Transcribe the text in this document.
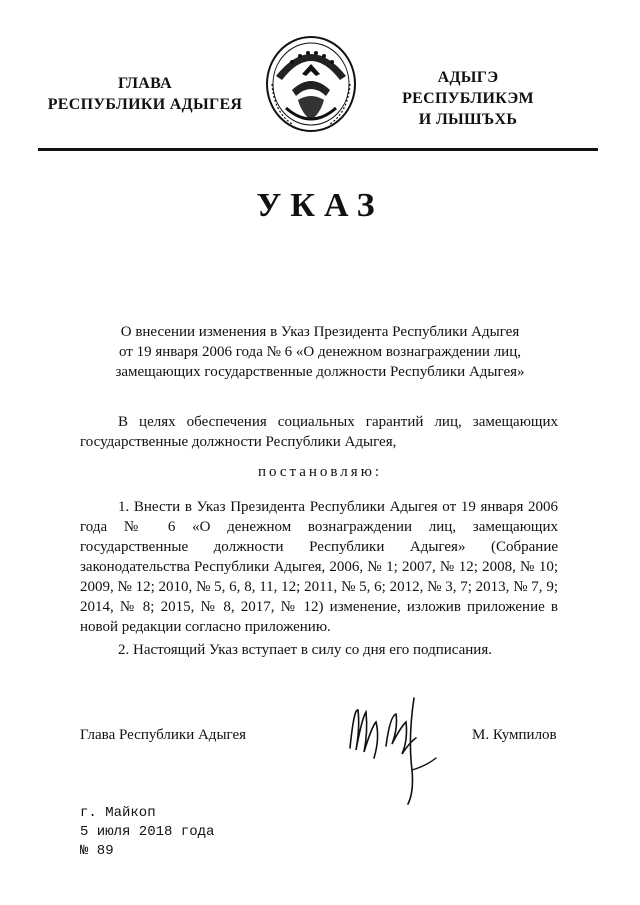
ГЛАВА
РЕСПУБЛИКИ АДЫГЕЯ
АДЫГЭ РЕСПУБЛИКЭМ
И ЛЫШЪХЬ
УКАЗ
О внесении изменения в Указ Президента Республики Адыгея
от 19 января 2006 года № 6 «О денежном вознаграждении лиц,
замещающих государственные должности Республики Адыгея»
В целях обеспечения социальных гарантий лиц, замещающих государственные должности Республики Адыгея,
постановляю:
1. Внести в Указ Президента Республики Адыгея от 19 января 2006 года № 6 «О денежном вознаграждении лиц, замещающих государственные должности Республики Адыгея» (Собрание законодательства Республики Адыгея, 2006, № 1; 2007, № 12; 2008, № 10; 2009, № 12; 2010, № 5, 6, 8, 11, 12; 2011, № 5, 6; 2012, № 3, 7; 2013, № 7, 9; 2014, № 8; 2015, № 8, 2017, № 12) изменение, изложив приложение в новой редакции согласно приложению.
2. Настоящий Указ вступает в силу со дня его подписания.
Глава Республики Адыгея	М. Кумпилов
г. Майкоп
5 июля 2018 года
№ 89
